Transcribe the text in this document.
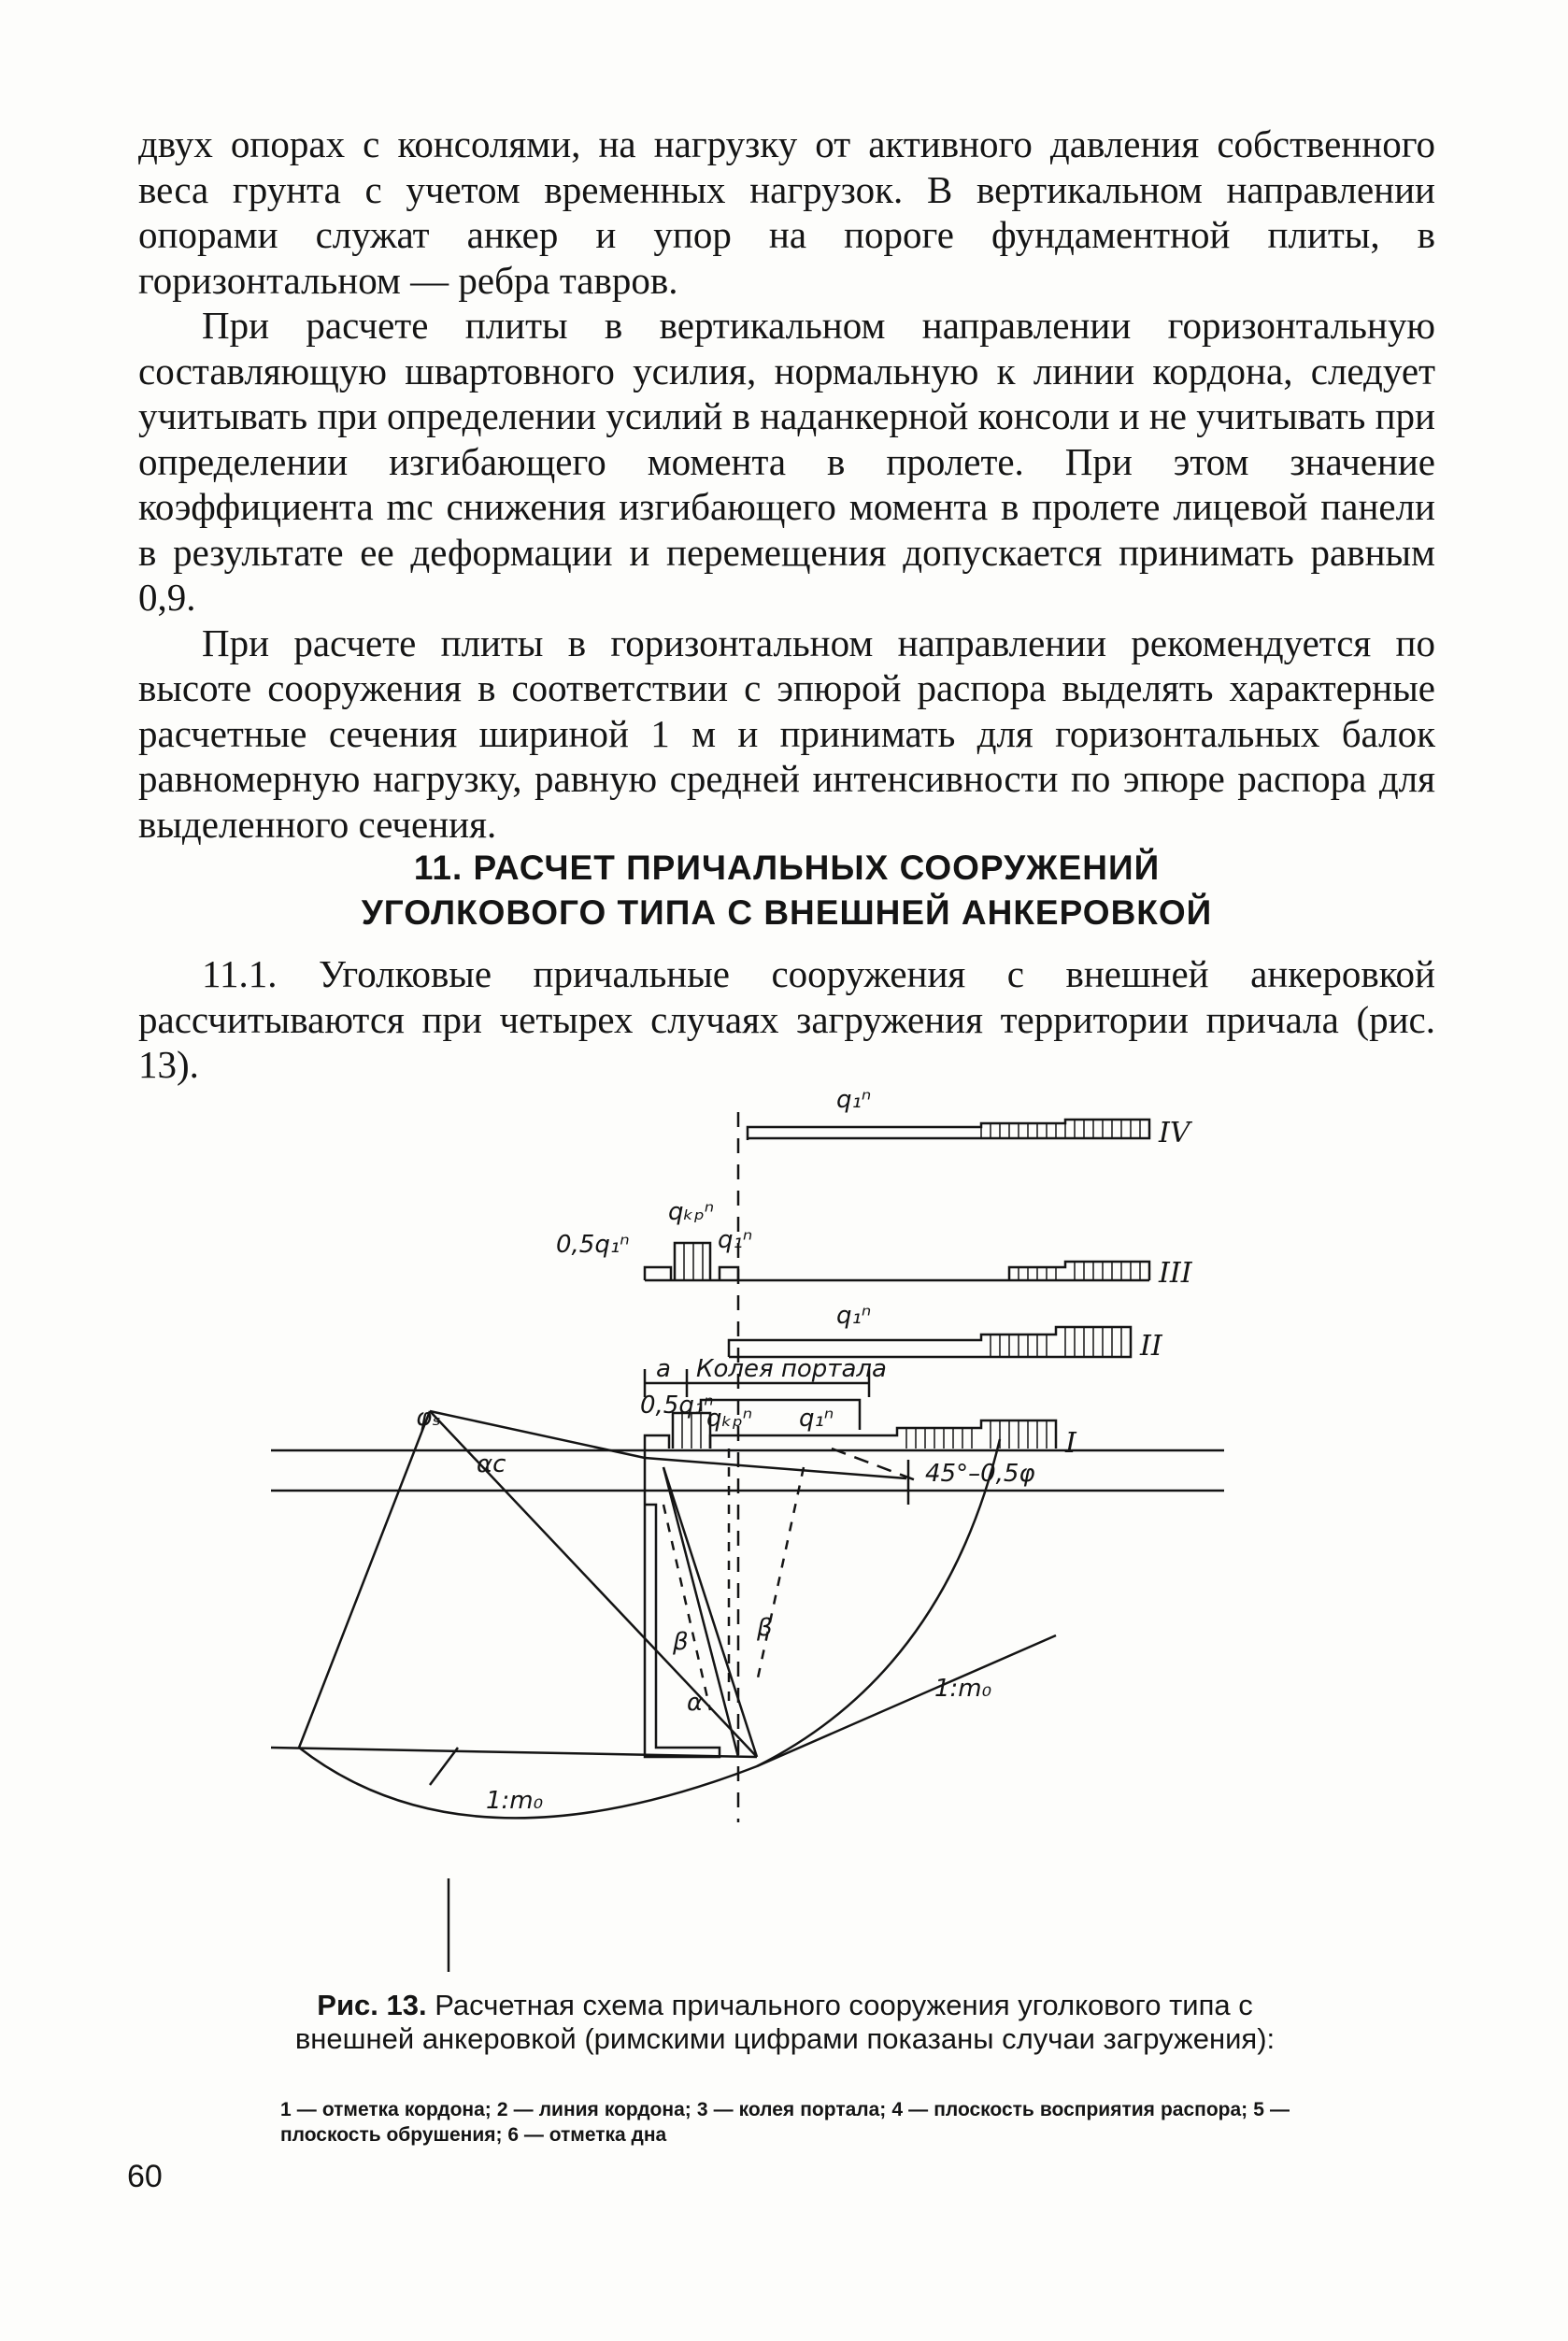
двух опорах с консолями, на нагрузку от активного давления собственного веса грунта с учетом временных нагрузок. В вертикальном направлении опорами служат анкер и упор на пороге фундаментной плиты, в горизонтальном — ребра тавров.

При расчете плиты в вертикальном направлении горизонтальную составляющую швартовного усилия, нормальную к линии кордона, следует учитывать при определении усилий в наданкерной консоли и не учитывать при определении изгибающего момента в пролете. При этом значение коэффициента mс снижения изгибающего момента в пролете лицевой панели в результате ее деформации и перемещения допускается принимать равным 0,9.

При расчете плиты в горизонтальном направлении рекомендуется по высоте сооружения в соответствии с эпюрой распора выделять характерные расчетные сечения шириной 1 м и принимать для горизонтальных балок равномерную нагрузку, равную средней интенсивности по эпюре распора для выделенного сечения.

11. РАСЧЕТ ПРИЧАЛЬНЫХ СООРУЖЕНИЙ
УГОЛКОВОГО ТИПА С ВНЕШНЕЙ АНКЕРОВКОЙ

11.1. Уголковые причальные сооружения с внешней анкеровкой рассчитываются при четырех случаях загружения территории причала (рис. 13).

IV
III
II
I
q₁ⁿ
0,5q₁ⁿ
qₖₚⁿ
q₁ⁿ
q₁ⁿ
a Колея портала
0,5q₁ⁿ
qₖₚⁿ q₁ⁿ
45°–0,5φ
αс
φₛ
β	β
α	1:m₀
1:m₀
Рис. 13. Расчетная схема причального сооружения уголкового типа с внешней анкеровкой (римскими цифрами показаны случаи загружения):
1 — отметка кордона; 2 — линия кордона; 3 — колея портала; 4 — плоскость восприятия распора; 5 — плоскость обрушения; 6 — отметка дна
60
